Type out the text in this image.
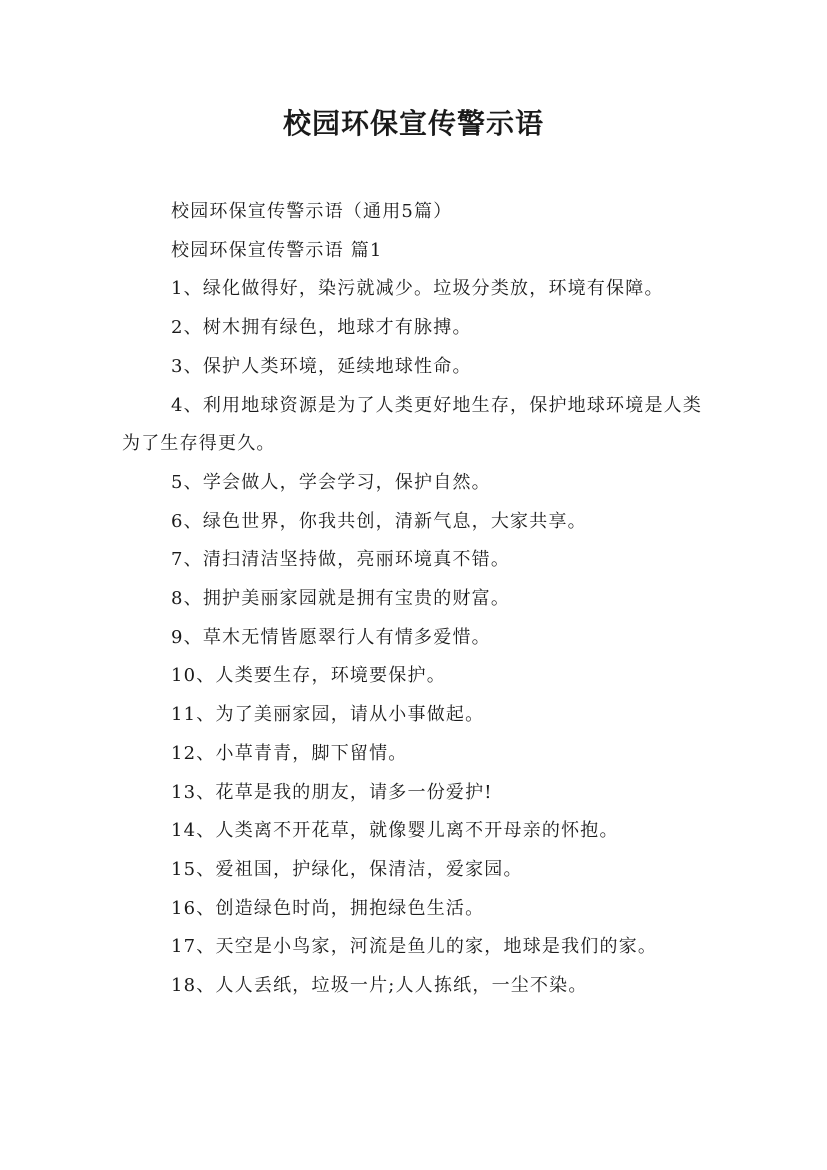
校园环保宣传警示语

校园环保宣传警示语（通用5篇）

校园环保宣传警示语 篇1

1、绿化做得好，染污就减少。垃圾分类放，环境有保障。

2、树木拥有绿色，地球才有脉搏。

3、保护人类环境，延续地球性命。

4、利用地球资源是为了人类更好地生存，保护地球环境是人类为了生存得更久。

5、学会做人，学会学习，保护自然。

6、绿色世界，你我共创，清新气息，大家共享。

7、清扫清洁坚持做，亮丽环境真不错。

8、拥护美丽家园就是拥有宝贵的财富。

9、草木无情皆愿翠行人有情多爱惜。

10、人类要生存，环境要保护。

11、为了美丽家园，请从小事做起。

12、小草青青，脚下留情。

13、花草是我的朋友，请多一份爱护!

14、人类离不开花草，就像婴儿离不开母亲的怀抱。

15、爱祖国，护绿化，保清洁，爱家园。

16、创造绿色时尚，拥抱绿色生活。

17、天空是小鸟家，河流是鱼儿的家，地球是我们的家。

18、人人丢纸，垃圾一片;人人拣纸，一尘不染。
